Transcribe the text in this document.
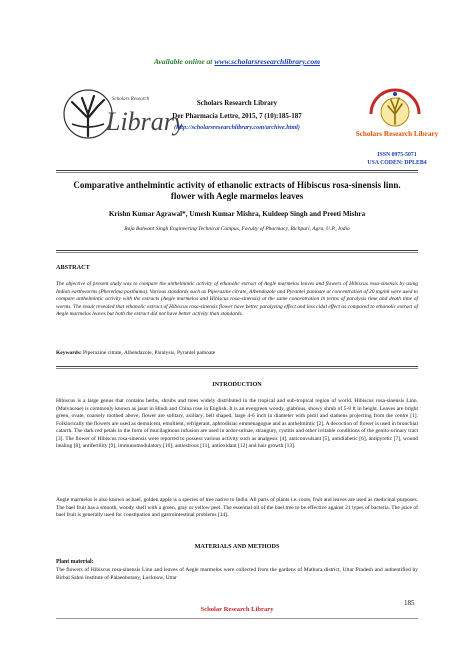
Available online at www.scholarsresearchlibrary.com
Scholars Research
Library
Scholars Research Library
Der Pharmacia Lettre, 2015, 7 (10):185-187
(http://scholarsresearchlibrary.com/archive.html)
Scholars Research Library
ISSN 0975-5071
USA CODEN: DPLEB4
Comparative anthelmintic activity of ethanolic extracts of Hibiscus rosa-sinensis linn. flower with Aegle marmelos leaves
Krishn Kumar Agrawal*, Umesh Kumar Mishra, Kuldeep Singh and Preeti Mishra
Raja Balwant Singh Engineering Technical Campus, Faculty of Pharmacy, Bichpuri, Agra, U.P., India
ABSTRACT
The objective of present study was to compare the anthelmintic activity of ethanolic extract of Aegle marmelos leaves and flowers of Hibiscus rosa-sinensis by using Indian earthworms (Pheretima posthuma). Various standards such as Piperazine citrate, Albendazole and Pyrantel pamoate at concentration of 20 mg/ml were used to compare anthelmintic activity with the extracts (Aegle marmelos and Hibiscus rosa-sinensis) at the same concentration in terms of paralysis time and death time of worms. The result revealed that ethanolic extract of Hibiscus rosa-sinensis flower have better paralyzing effect and less cidal effect as compared to ethanolic extract of Aegle marmelos leaves but both the extract did not have better activity than standards.
Keywords: Piperazine citrate, Albendazole, Paralysis, Pyrantel pamoate
INTRODUCTION
Hibiscus is a large genus that contains herbs, shrubs and trees widely distributed in the tropical and sub-tropical region of world. Hibiscus rosa-sinensis Linn. (Malvaceae) is commonly known as jasut in Hindi and China rose in English. It is an evergreen woody, glabrous, showy shrub of 5-8 ft in height. Leaves are bright green, ovate, coarsely toothed above, flower are solitary, axillary, bell shaped, large 4-6 inch in diameter with pistil and stamens projecting from the centre [1]. Folklorically the flowers are used as demulcent, emollient, refrigerant, aphrodisiac emmenagogue and as anthelmintic [2]. A decoction of flower is used in bronchial catarrh. The dark red petals in the form of mucilaginous infusion are used in ardor-urinae, strangury, cystitis and other irritable conditions of the genito-urinary tract [3]. The flower of Hibiscus rosa-sinensis were reported to possess various activity such as analgesic [4], anticonvulsant [5], antidiabetic [6], antipyretic [7], wound healing [8], antifertility [9], immunomodulatory [10], antiestrous [11], antioxidant [12] and hair growth [13].
Aegle marmelos is also known as bael, golden apple is a species of tree native to India. All parts of plants i.e. roots, fruit and leaves are used as medicinal purposes. The bael fruit has a smooth, woody shell with a green, gray or yellow peel. The essential oil of the bael tree to be effective against 21 types of bacteria. The juice of bael fruit is generally used for constipation and gastrointestinal problems [14].
MATERIALS AND METHODS
Plant material:
The flowers of Hibiscus rosa-sinensis Linn and leaves of Aegle marmelos were collected from the gardens of Mathura district, Uttar Pradesh and authentified by Birbal Sahni Institute of Palaeobotany, Lucknow, Uttar
185
Scholar Research Library
